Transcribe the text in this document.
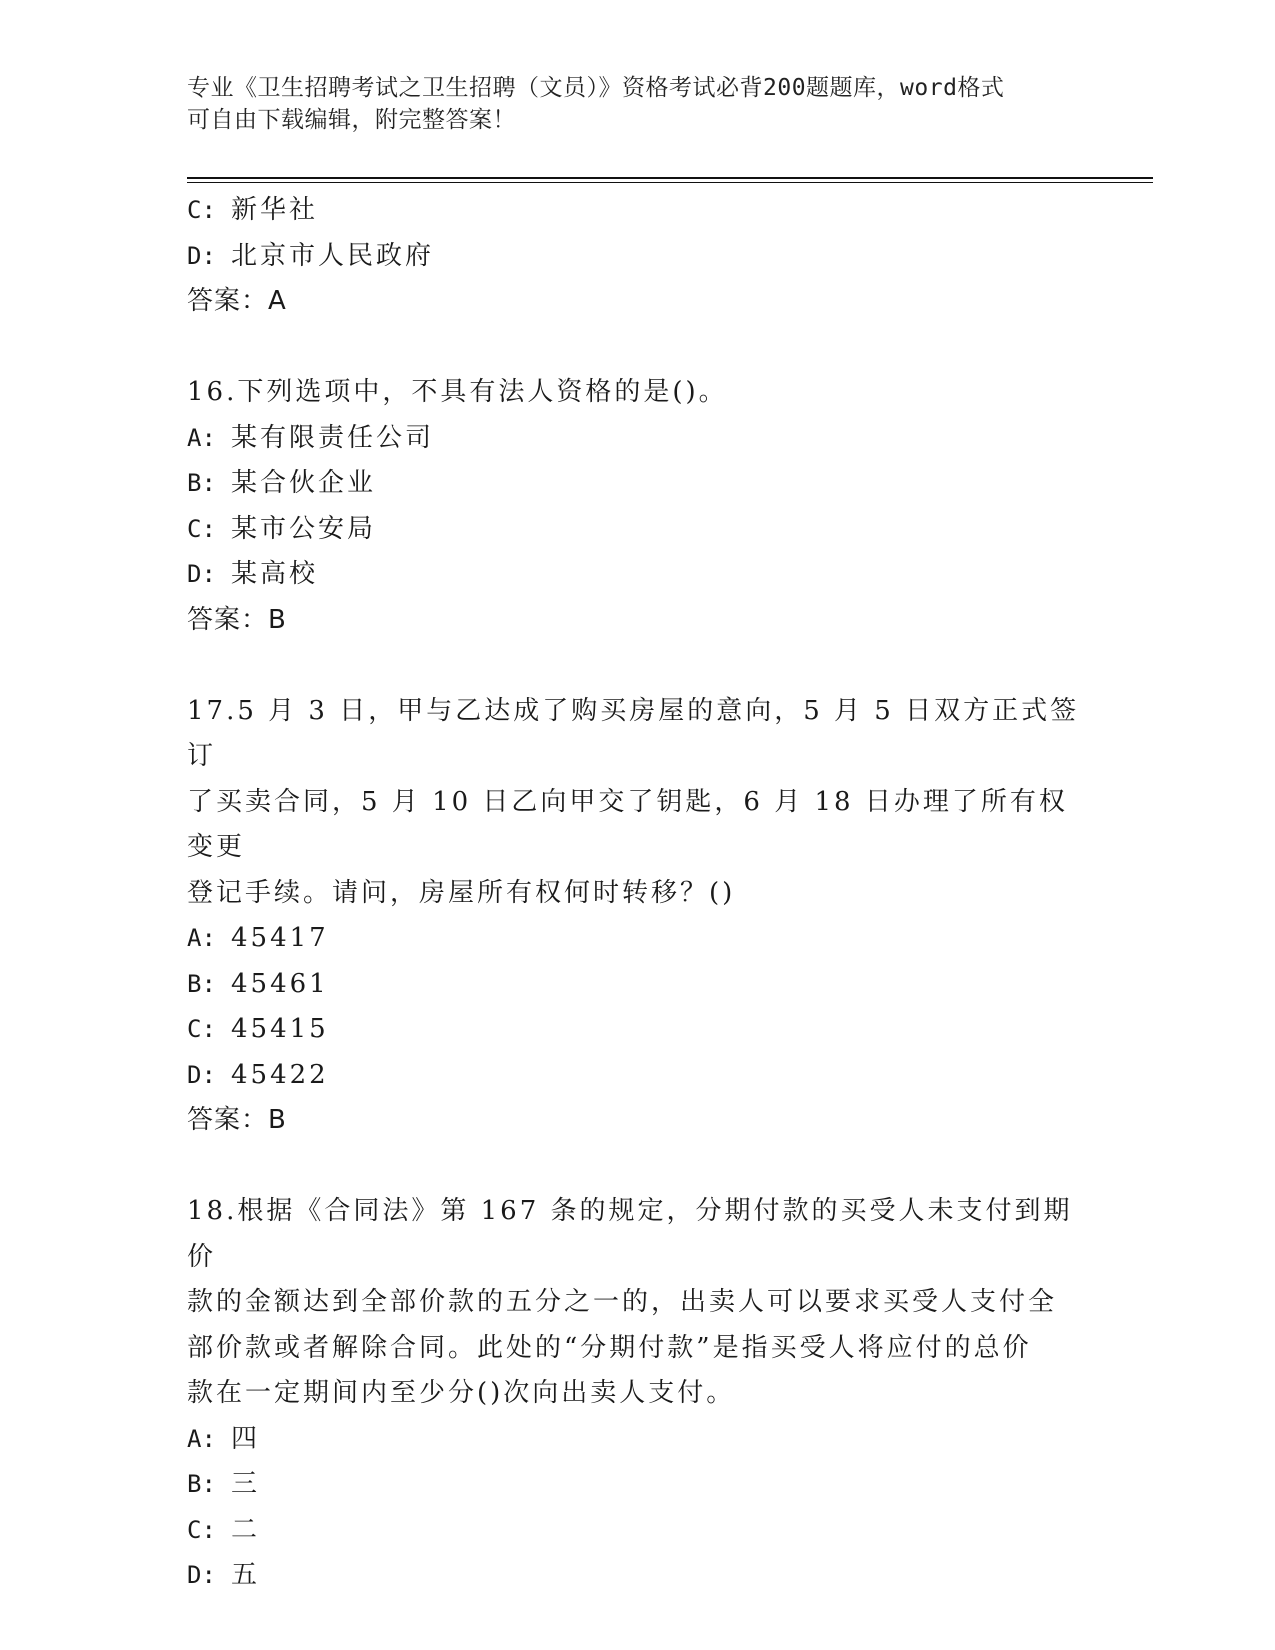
专业《卫生招聘考试之卫生招聘（文员）》资格考试必背200题题库，word格式
可自由下载编辑，附完整答案！
C: 新华社
D: 北京市人民政府
答案：A
16.下列选项中，不具有法人资格的是()。
A: 某有限责任公司
B: 某合伙企业
C: 某市公安局
D: 某高校
答案：B
17.5 月 3 日，甲与乙达成了购买房屋的意向，5 月 5 日双方正式签订
了买卖合同，5 月 10 日乙向甲交了钥匙，6 月 18 日办理了所有权变更
登记手续。请问，房屋所有权何时转移？()
A: 45417
B: 45461
C: 45415
D: 45422
答案：B
18.根据《合同法》第 167 条的规定，分期付款的买受人未支付到期价
款的金额达到全部价款的五分之一的，出卖人可以要求买受人支付全
部价款或者解除合同。此处的“分期付款”是指买受人将应付的总价
款在一定期间内至少分()次向出卖人支付。
A: 四
B: 三
C: 二
D: 五
